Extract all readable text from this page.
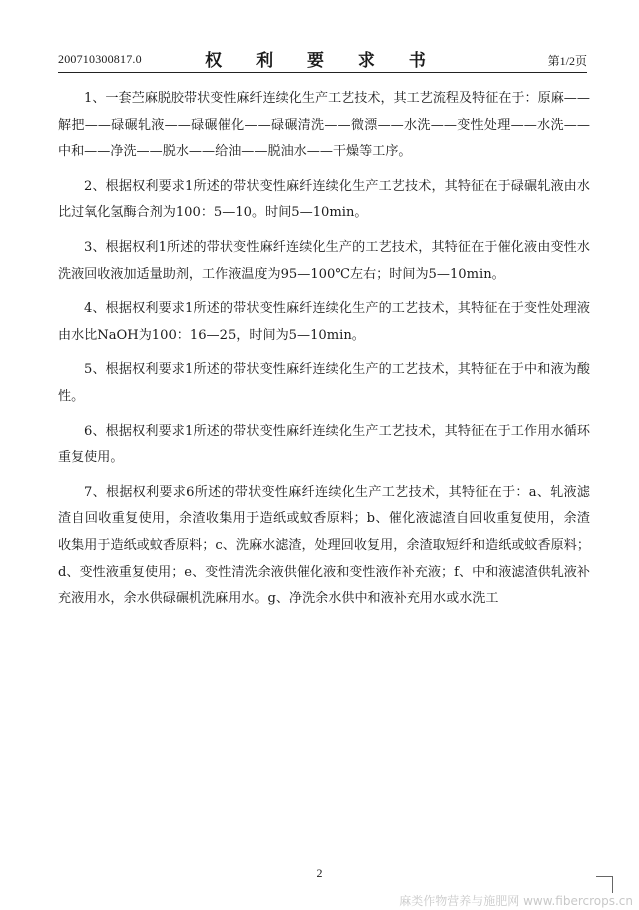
200710300817.0	权 利 要 求 书	第1/2页

1、一套苎麻脱胶带状变性麻纤连续化生产工艺技术，其工艺流程及特征在于：原麻——解把——碌碾轧液——碌碾催化——碌碾清洗——微漂——水洗——变性处理——水洗——中和——净洗——脱水——给油——脱油水——干燥等工序。

2、根据权利要求1所述的带状变性麻纤连续化生产工艺技术，其特征在于碌碾轧液由水比过氧化氢酶合剂为100：5—10。时间5—10min。

3、根据权利1所述的带状变性麻纤连续化生产的工艺技术，其特征在于催化液由变性水洗液回收液加适量助剂，工作液温度为95—100℃左右；时间为5—10min。

4、根据权利要求1所述的带状变性麻纤连续化生产的工艺技术，其特征在于变性处理液由水比NaOH为100：16—25，时间为5—10min。

5、根据权利要求1所述的带状变性麻纤连续化生产的工艺技术，其特征在于中和液为酸性。

6、根据权利要求1所述的带状变性麻纤连续化生产工艺技术，其特征在于工作用水循环重复使用。

7、根据权利要求6所述的带状变性麻纤连续化生产工艺技术，其特征在于：a、轧液滤渣自回收重复使用，余渣收集用于造纸或蚊香原料；b、催化液滤渣自回收重复使用，余渣收集用于造纸或蚊香原料；c、洗麻水滤渣，处理回收复用，余渣取短纤和造纸或蚊香原料；d、变性液重复使用；e、变性清洗余液供催化液和变性液作补充液；f、中和液滤渣供轧液补充液用水，余水供碌碾机洗麻用水。g、净洗余水供中和液补充用水或水洗工

2
麻类作物营养与施肥网 www.fibercrops.cn
